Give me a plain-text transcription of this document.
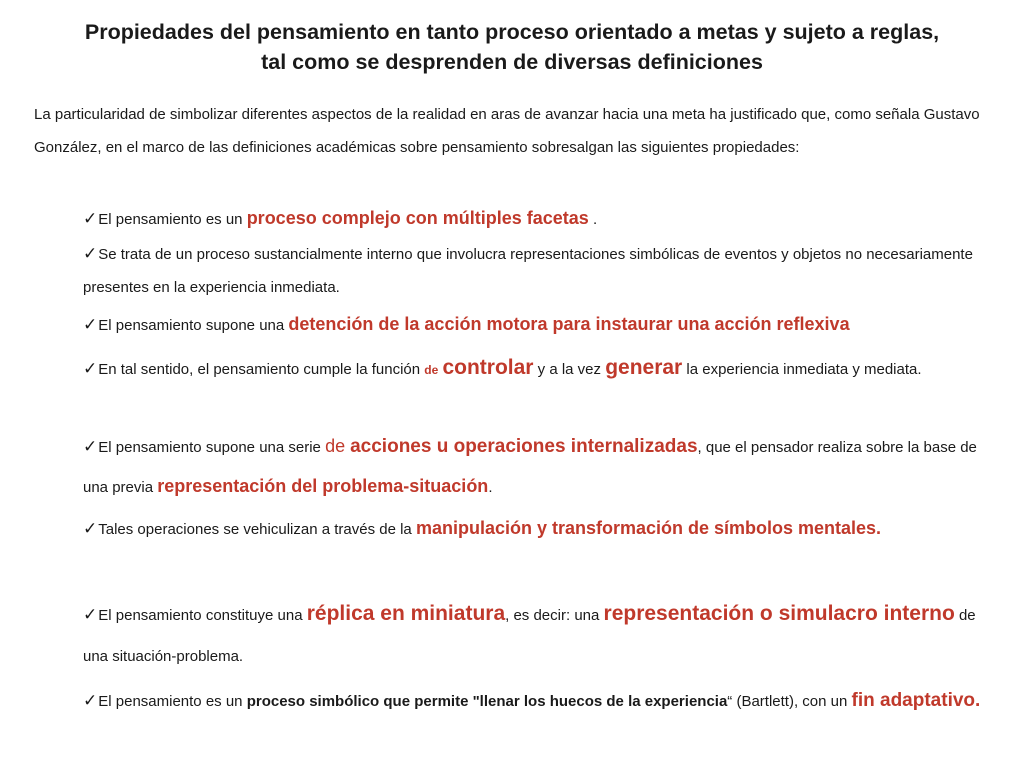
Propiedades del pensamiento en tanto proceso orientado a metas y sujeto a reglas,
tal como se desprenden de diversas definiciones

La particularidad de simbolizar diferentes aspectos de la realidad en aras de avanzar hacia una meta ha justificado que, como señala Gustavo González, en el marco de las definiciones académicas sobre pensamiento sobresalgan las siguientes propiedades:

✓El pensamiento es un proceso complejo con múltiples facetas .
✓Se trata de un proceso sustancialmente interno que involucra representaciones simbólicas de eventos y objetos no necesariamente presentes en la experiencia inmediata.
✓El pensamiento supone una detención de la acción motora para instaurar una acción reflexiva
✓En tal sentido, el pensamiento cumple la función de controlar y a la vez generar la experiencia inmediata y mediata.
✓El pensamiento supone una serie de acciones u operaciones internalizadas, que el pensador realiza sobre la base de una previa representación del problema-situación.
✓Tales operaciones se vehiculizan a través de la manipulación y transformación de símbolos mentales.
✓El pensamiento constituye una réplica en miniatura, es decir: una representación o simulacro interno de una situación-problema.
✓El pensamiento es un proceso simbólico que permite "llenar los huecos de la experiencia“ (Bartlett), con un fin adaptativo.
